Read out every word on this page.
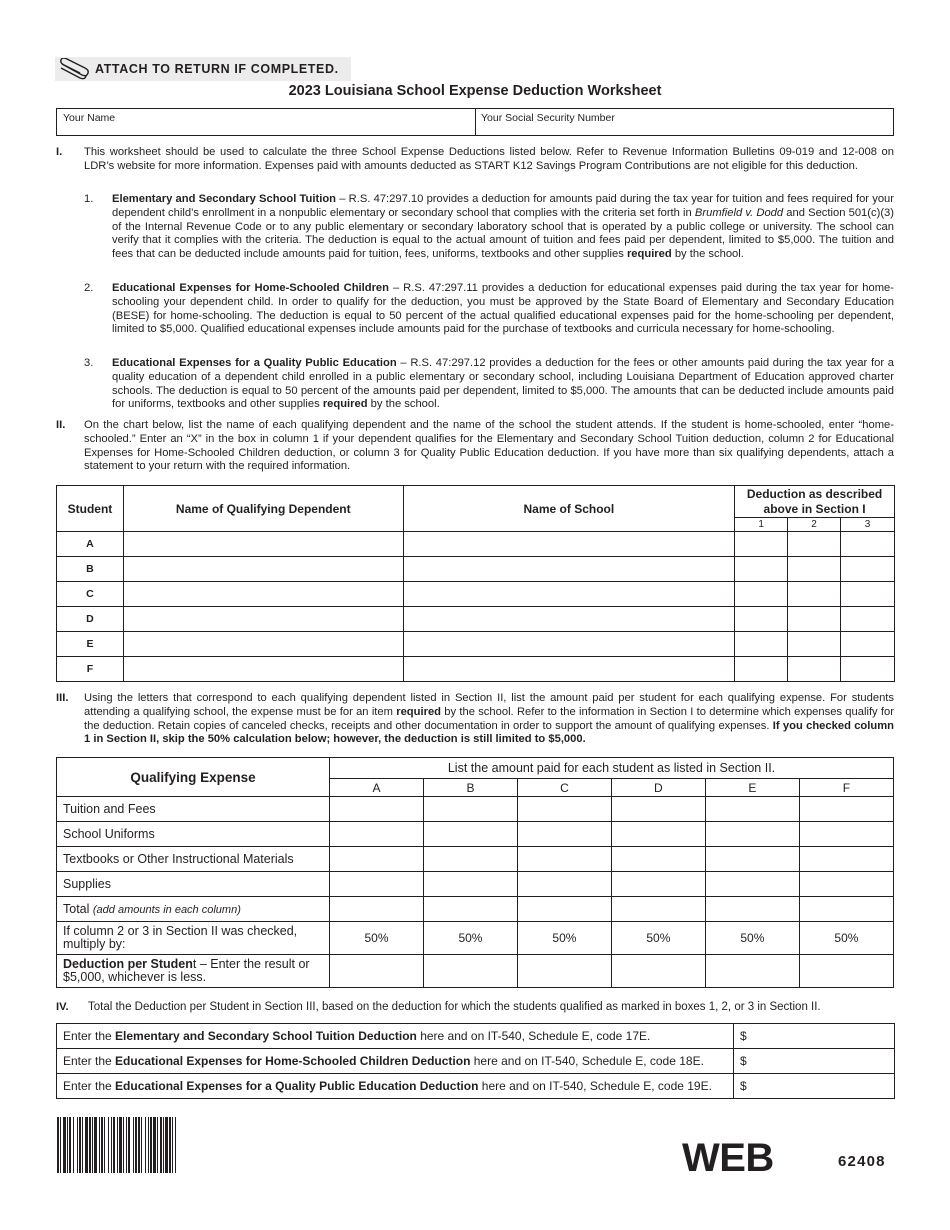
ATTACH TO RETURN IF COMPLETED.
2023 Louisiana School Expense Deduction Worksheet
Your Name	Your Social Security Number
I. This worksheet should be used to calculate the three School Expense Deductions listed below. Refer to Revenue Information Bulletins 09-019 and 12-008 on LDR’s website for more information. Expenses paid with amounts deducted as START K12 Savings Program Contributions are not eligible for this deduction.
1. Elementary and Secondary School Tuition – R.S. 47:297.10 provides a deduction for amounts paid during the tax year for tuition and fees required for your dependent child’s enrollment in a nonpublic elementary or secondary school that complies with the criteria set forth in Brumfield v. Dodd and Section 501(c)(3) of the Internal Revenue Code or to any public elementary or secondary laboratory school that is operated by a public college or university. The school can verify that it complies with the criteria. The deduction is equal to the actual amount of tuition and fees paid per dependent, limited to $5,000. The tuition and fees that can be deducted include amounts paid for tuition, fees, uniforms, textbooks and other supplies required by the school.
2. Educational Expenses for Home-Schooled Children – R.S. 47:297.11 provides a deduction for educational expenses paid during the tax year for home-schooling your dependent child. In order to qualify for the deduction, you must be approved by the State Board of Elementary and Secondary Education (BESE) for home-schooling. The deduction is equal to 50 percent of the actual qualified educational expenses paid for the home-schooling per dependent, limited to $5,000. Qualified educational expenses include amounts paid for the purchase of textbooks and curricula necessary for home-schooling.
3. Educational Expenses for a Quality Public Education – R.S. 47:297.12 provides a deduction for the fees or other amounts paid during the tax year for a quality education of a dependent child enrolled in a public elementary or secondary school, including Louisiana Department of Education approved charter schools. The deduction is equal to 50 percent of the amounts paid per dependent, limited to $5,000. The amounts that can be deducted include amounts paid for uniforms, textbooks and other supplies required by the school.
II. On the chart below, list the name of each qualifying dependent and the name of the school the student attends. If the student is home-schooled, enter “home-schooled.” Enter an “X” in the box in column 1 if your dependent qualifies for the Elementary and Secondary School Tuition deduction, column 2 for Educational Expenses for Home-Schooled Children deduction, or column 3 for Quality Public Education deduction. If you have more than six qualifying dependents, attach a statement to your return with the required information.
Student	Name of Qualifying Dependent	Name of School	Deduction as described
above in Section I		
			1	2	3
A					
B					
C					
D					
E					
F					
III. Using the letters that correspond to each qualifying dependent listed in Section II, list the amount paid per student for each qualifying expense. For students attending a qualifying school, the expense must be for an item required by the school. Refer to the information in Section I to determine which expenses qualify for the deduction. Retain copies of canceled checks, receipts and other documentation in order to support the amount of qualifying expenses. If you checked column 1 in Section II, skip the 50% calculation below; however, the deduction is still limited to $5,000.
Qualifying Expense	List the amount paid for each student as listed in Section II.					
	A	B	C	D	E	F
Tuition and Fees						
School Uniforms						
Textbooks or Other Instructional Materials						
Supplies						
Total (add amounts in each column)						
If column 2 or 3 in Section II was checked, multiply by:	50%	50%	50%	50%	50%	50%
Deduction per Student – Enter the result or $5,000, whichever is less.						
IV. Total the Deduction per Student in Section III, based on the deduction for which the students qualified as marked in boxes 1, 2, or 3 in Section II.
Enter the Elementary and Secondary School Tuition Deduction here and on IT-540, Schedule E, code 17E.	$
Enter the Educational Expenses for Home-Schooled Children Deduction here and on IT-540, Schedule E, code 18E.	$
Enter the Educational Expenses for a Quality Public Education Deduction here and on IT-540, Schedule E, code 19E.	$
WEB	62408
